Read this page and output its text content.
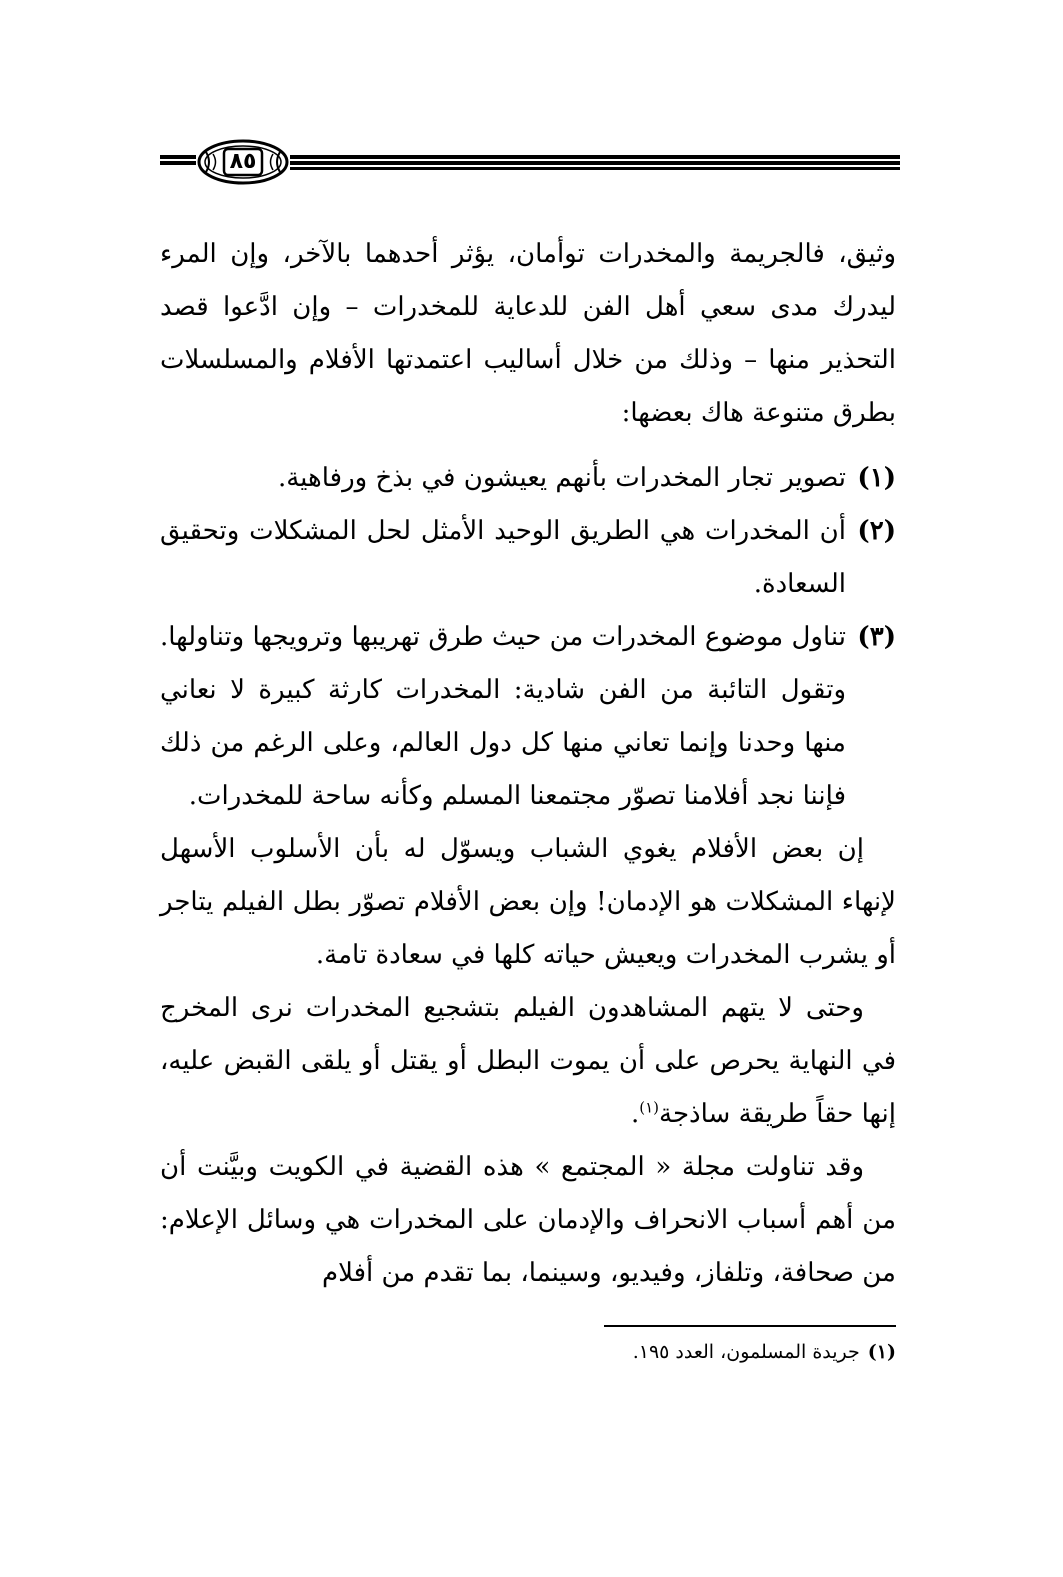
٨٥

وثيق، فالجريمة والمخدرات توأمان، يؤثر أحدهما بالآخر، وإن المرء ليدرك مدى سعي أهل الفن للدعاية للمخدرات – وإن ادَّعوا قصد التحذير منها – وذلك من خلال أساليب اعتمدتها الأفلام والمسلسلات بطرق متنوعة هاك بعضها:

(١)
تصوير تجار المخدرات بأنهم يعيشون في بذخ ورفاهية.
(٢)
أن المخدرات هي الطريق الوحيد الأمثل لحل المشكلات وتحقيق السعادة.
(٣)
تناول موضوع المخدرات من حيث طرق تهريبها وترويجها وتناولها. وتقول التائبة من الفن شادية: المخدرات كارثة كبيرة لا نعاني منها وحدنا وإنما تعاني منها كل دول العالم، وعلى الرغم من ذلك فإننا نجد أفلامنا تصوّر مجتمعنا المسلم وكأنه ساحة للمخدرات.

إن بعض الأفلام يغوي الشباب ويسوّل له بأن الأسلوب الأسهل لإنهاء المشكلات هو الإدمان! وإن بعض الأفلام تصوّر بطل الفيلم يتاجر أو يشرب المخدرات ويعيش حياته كلها في سعادة تامة.

وحتى لا يتهم المشاهدون الفيلم بتشجيع المخدرات نرى المخرج في النهاية يحرص على أن يموت البطل أو يقتل أو يلقى القبض عليه، إنها حقاً طريقة ساذجة$^{(١)}$.

وقد تناولت مجلة « المجتمع » هذه القضية في الكويت وبيَّنت أن من أهم أسباب الانحراف والإدمان على المخدرات هي وسائل الإعلام: من صحافة، وتلفاز، وفيديو، وسينما، بما تقدم من أفلام

(١)جريدة المسلمون، العدد ١٩٥.
